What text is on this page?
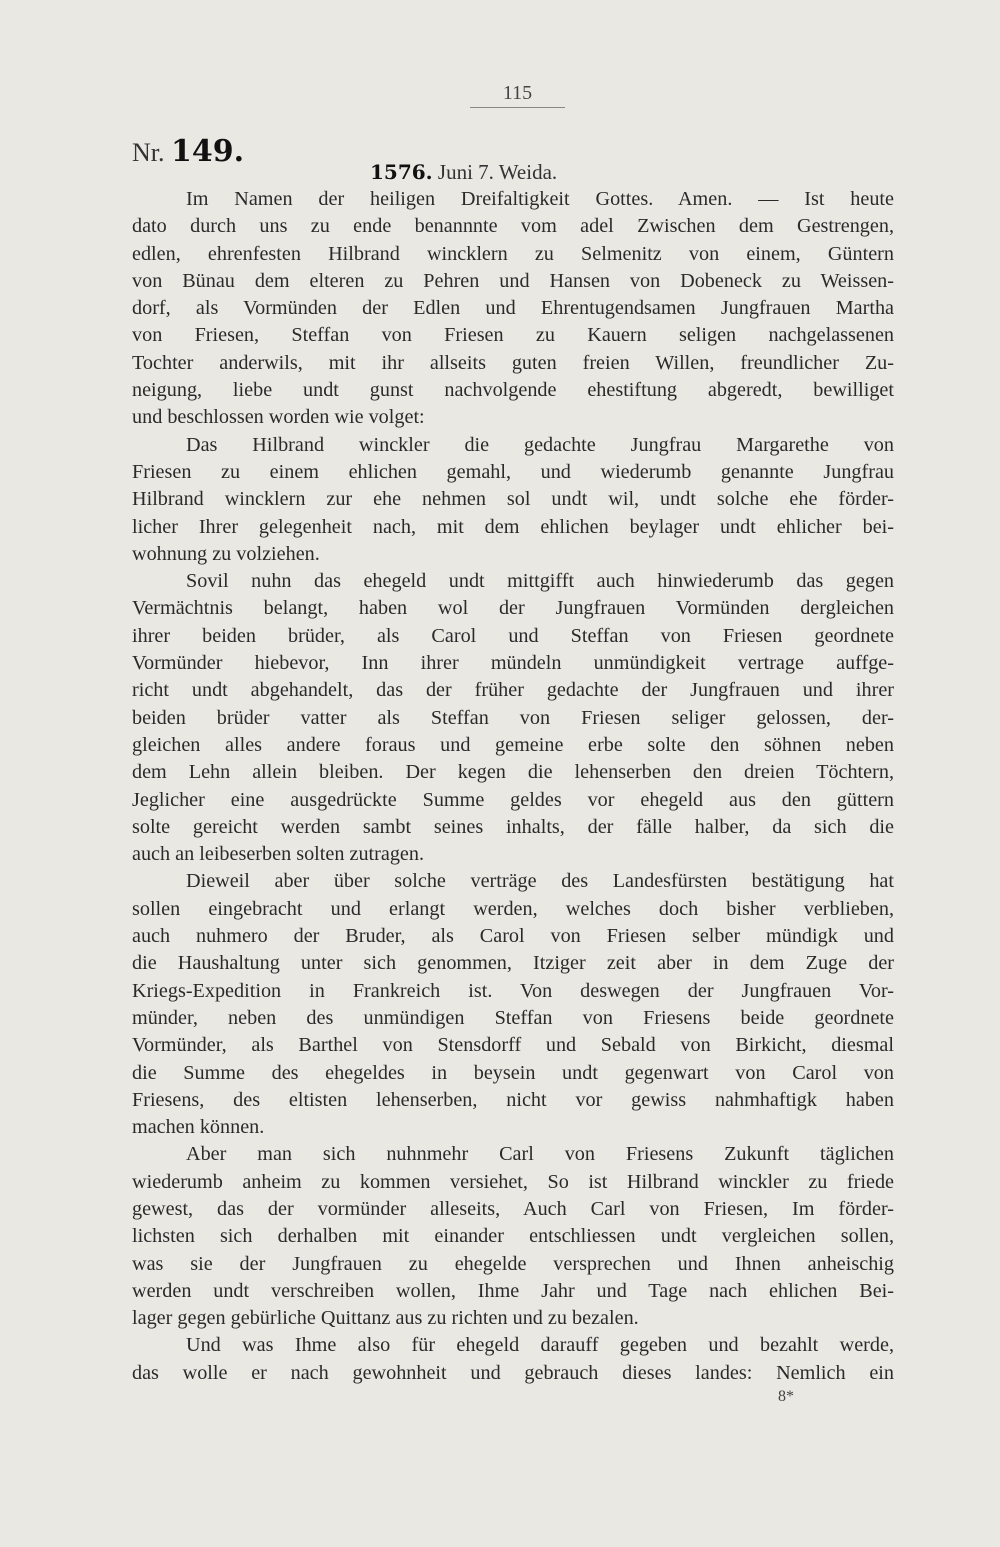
115
Nr. 149.
1576. Juni 7. Weida.
Im Namen der heiligen Dreifaltigkeit Gottes. Amen. — Ist heute
dato durch uns zu ende benannnte vom adel Zwischen dem Gestrengen,
edlen, ehrenfesten Hilbrand wincklern zu Selmenitz von einem, Güntern
von Bünau dem elteren zu Pehren und Hansen von Dobeneck zu Weissen-
dorf, als Vormünden der Edlen und Ehrentugendsamen Jungfrauen Martha
von Friesen, Steffan von Friesen zu Kauern seligen nachgelassenen
Tochter anderwils, mit ihr allseits guten freien Willen, freundlicher Zu-
neigung, liebe undt gunst nachvolgende ehestiftung abgeredt, bewilliget
und beschlossen worden wie volget:
Das Hilbrand winckler die gedachte Jungfrau Margarethe von
Friesen zu einem ehlichen gemahl, und wiederumb genannte Jungfrau
Hilbrand wincklern zur ehe nehmen sol undt wil, undt solche ehe förder-
licher Ihrer gelegenheit nach, mit dem ehlichen beylager undt ehlicher bei-
wohnung zu volziehen.
Sovil nuhn das ehegeld undt mittgifft auch hinwiederumb das gegen
Vermächtnis belangt, haben wol der Jungfrauen Vormünden dergleichen
ihrer beiden brüder, als Carol und Steffan von Friesen geordnete
Vormünder hiebevor, Inn ihrer mündeln unmündigkeit vertrage auffge-
richt undt abgehandelt, das der früher gedachte der Jungfrauen und ihrer
beiden brüder vatter als Steffan von Friesen seliger gelossen, der-
gleichen alles andere foraus und gemeine erbe solte den söhnen neben
dem Lehn allein bleiben. Der kegen die lehenserben den dreien Töchtern,
Jeglicher eine ausgedrückte Summe geldes vor ehegeld aus den güttern
solte gereicht werden sambt seines inhalts, der fälle halber, da sich die
auch an leibeserben solten zutragen.
Dieweil aber über solche verträge des Landesfürsten bestätigung hat
sollen eingebracht und erlangt werden, welches doch bisher verblieben,
auch nuhmero der Bruder, als Carol von Friesen selber mündigk und
die Haushaltung unter sich genommen, Itziger zeit aber in dem Zuge der
Kriegs-Expedition in Frankreich ist. Von deswegen der Jungfrauen Vor-
münder, neben des unmündigen Steffan von Friesens beide geordnete
Vormünder, als Barthel von Stensdorff und Sebald von Birkicht, diesmal
die Summe des ehegeldes in beysein undt gegenwart von Carol von
Friesens, des eltisten lehenserben, nicht vor gewiss nahmhaftigk haben
machen können.
Aber man sich nuhnmehr Carl von Friesens Zukunft täglichen
wiederumb anheim zu kommen versiehet, So ist Hilbrand winckler zu friede
gewest, das der vormünder alleseits, Auch Carl von Friesen, Im förder-
lichsten sich derhalben mit einander entschliessen undt vergleichen sollen,
was sie der Jungfrauen zu ehegelde versprechen und Ihnen anheischig
werden undt verschreiben wollen, Ihme Jahr und Tage nach ehlichen Bei-
lager gegen gebürliche Quittanz aus zu richten und zu bezalen.
Und was Ihme also für ehegeld darauff gegeben und bezahlt werde,
das wolle er nach gewohnheit und gebrauch dieses landes: Nemlich ein
8*
